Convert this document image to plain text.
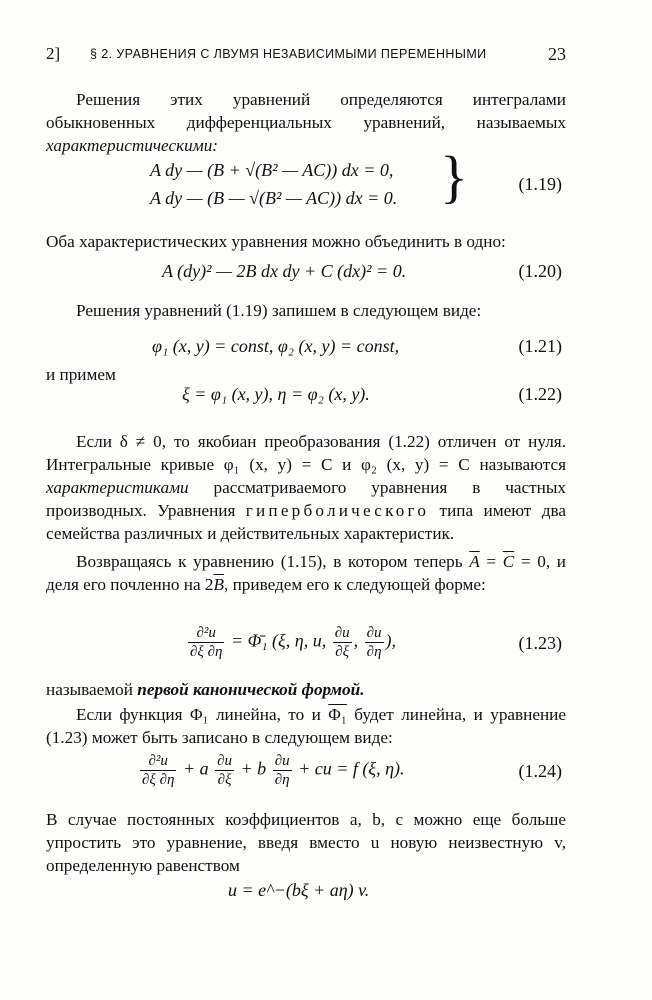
2] § 2. УРАВНЕНИЯ С ЛВУМЯ НЕЗАВИСИМЫМИ ПЕРЕМЕННЫМИ	23
Решения этих уравнений определяются интегралами обыкновенных дифференциальных уравнений, называемых характеристическими:
A dy — (B + √(B² — AC)) dx = 0,
A dy — (B — √(B² — AC)) dx = 0. }	(1.19)
Оба характеристических уравнения можно объединить в одно:
A (dy)² — 2B dx dy + C (dx)² = 0.	(1.20)
Решения уравнений (1.19) запишем в следующем виде:
φ₁ (x, y) = const, φ₂ (x, y) = const,	(1.21)
и примем
ξ = φ₁ (x, y), η = φ₂ (x, y).	(1.22)
Если δ ≠ 0, то якобиан преобразования (1.22) отличен от нуля. Интегральные кривые φ₁ (x, y) = C и φ₂ (x, y) = C называются характеристиками рассматриваемого уравнения в частных производных. Уравнения гиперболического типа имеют два семейства различных и действительных характеристик.
Возвращаясь к уравнению (1.15), в котором теперь $\overline{A} = \overline{C} = 0$, и деля его почленно на $2\overline{B}$, приведем его к следующей форме:
$\frac{\text{∂²u}}{\partial\xi \partial\eta}$ = Φ̄₁ (ξ, η, u, $\frac{\partial u}{\partial\xi}$ , $\frac{\partial u}{\partial\eta}$ ),	(1.23)
называемой первой канонической формой.
Если функция Φ₁ линейна, то и Φ₁ будет линейна, и уравнение (1.23) может быть записано в следующем виде:
$\frac{\text{∂²u}}{\partial\xi \partial\eta} + a \frac{\partial u}{\partial\xi} + b \frac{\partial u}{\partial\eta}$ + cu = f (ξ, η).	(1.24)
В случае постоянных коэффициентов a, b, c можно еще больше упростить это уравнение, введя вместо u новую неизвестную v, определенную равенством
u = e^−(bξ + aη) v.
